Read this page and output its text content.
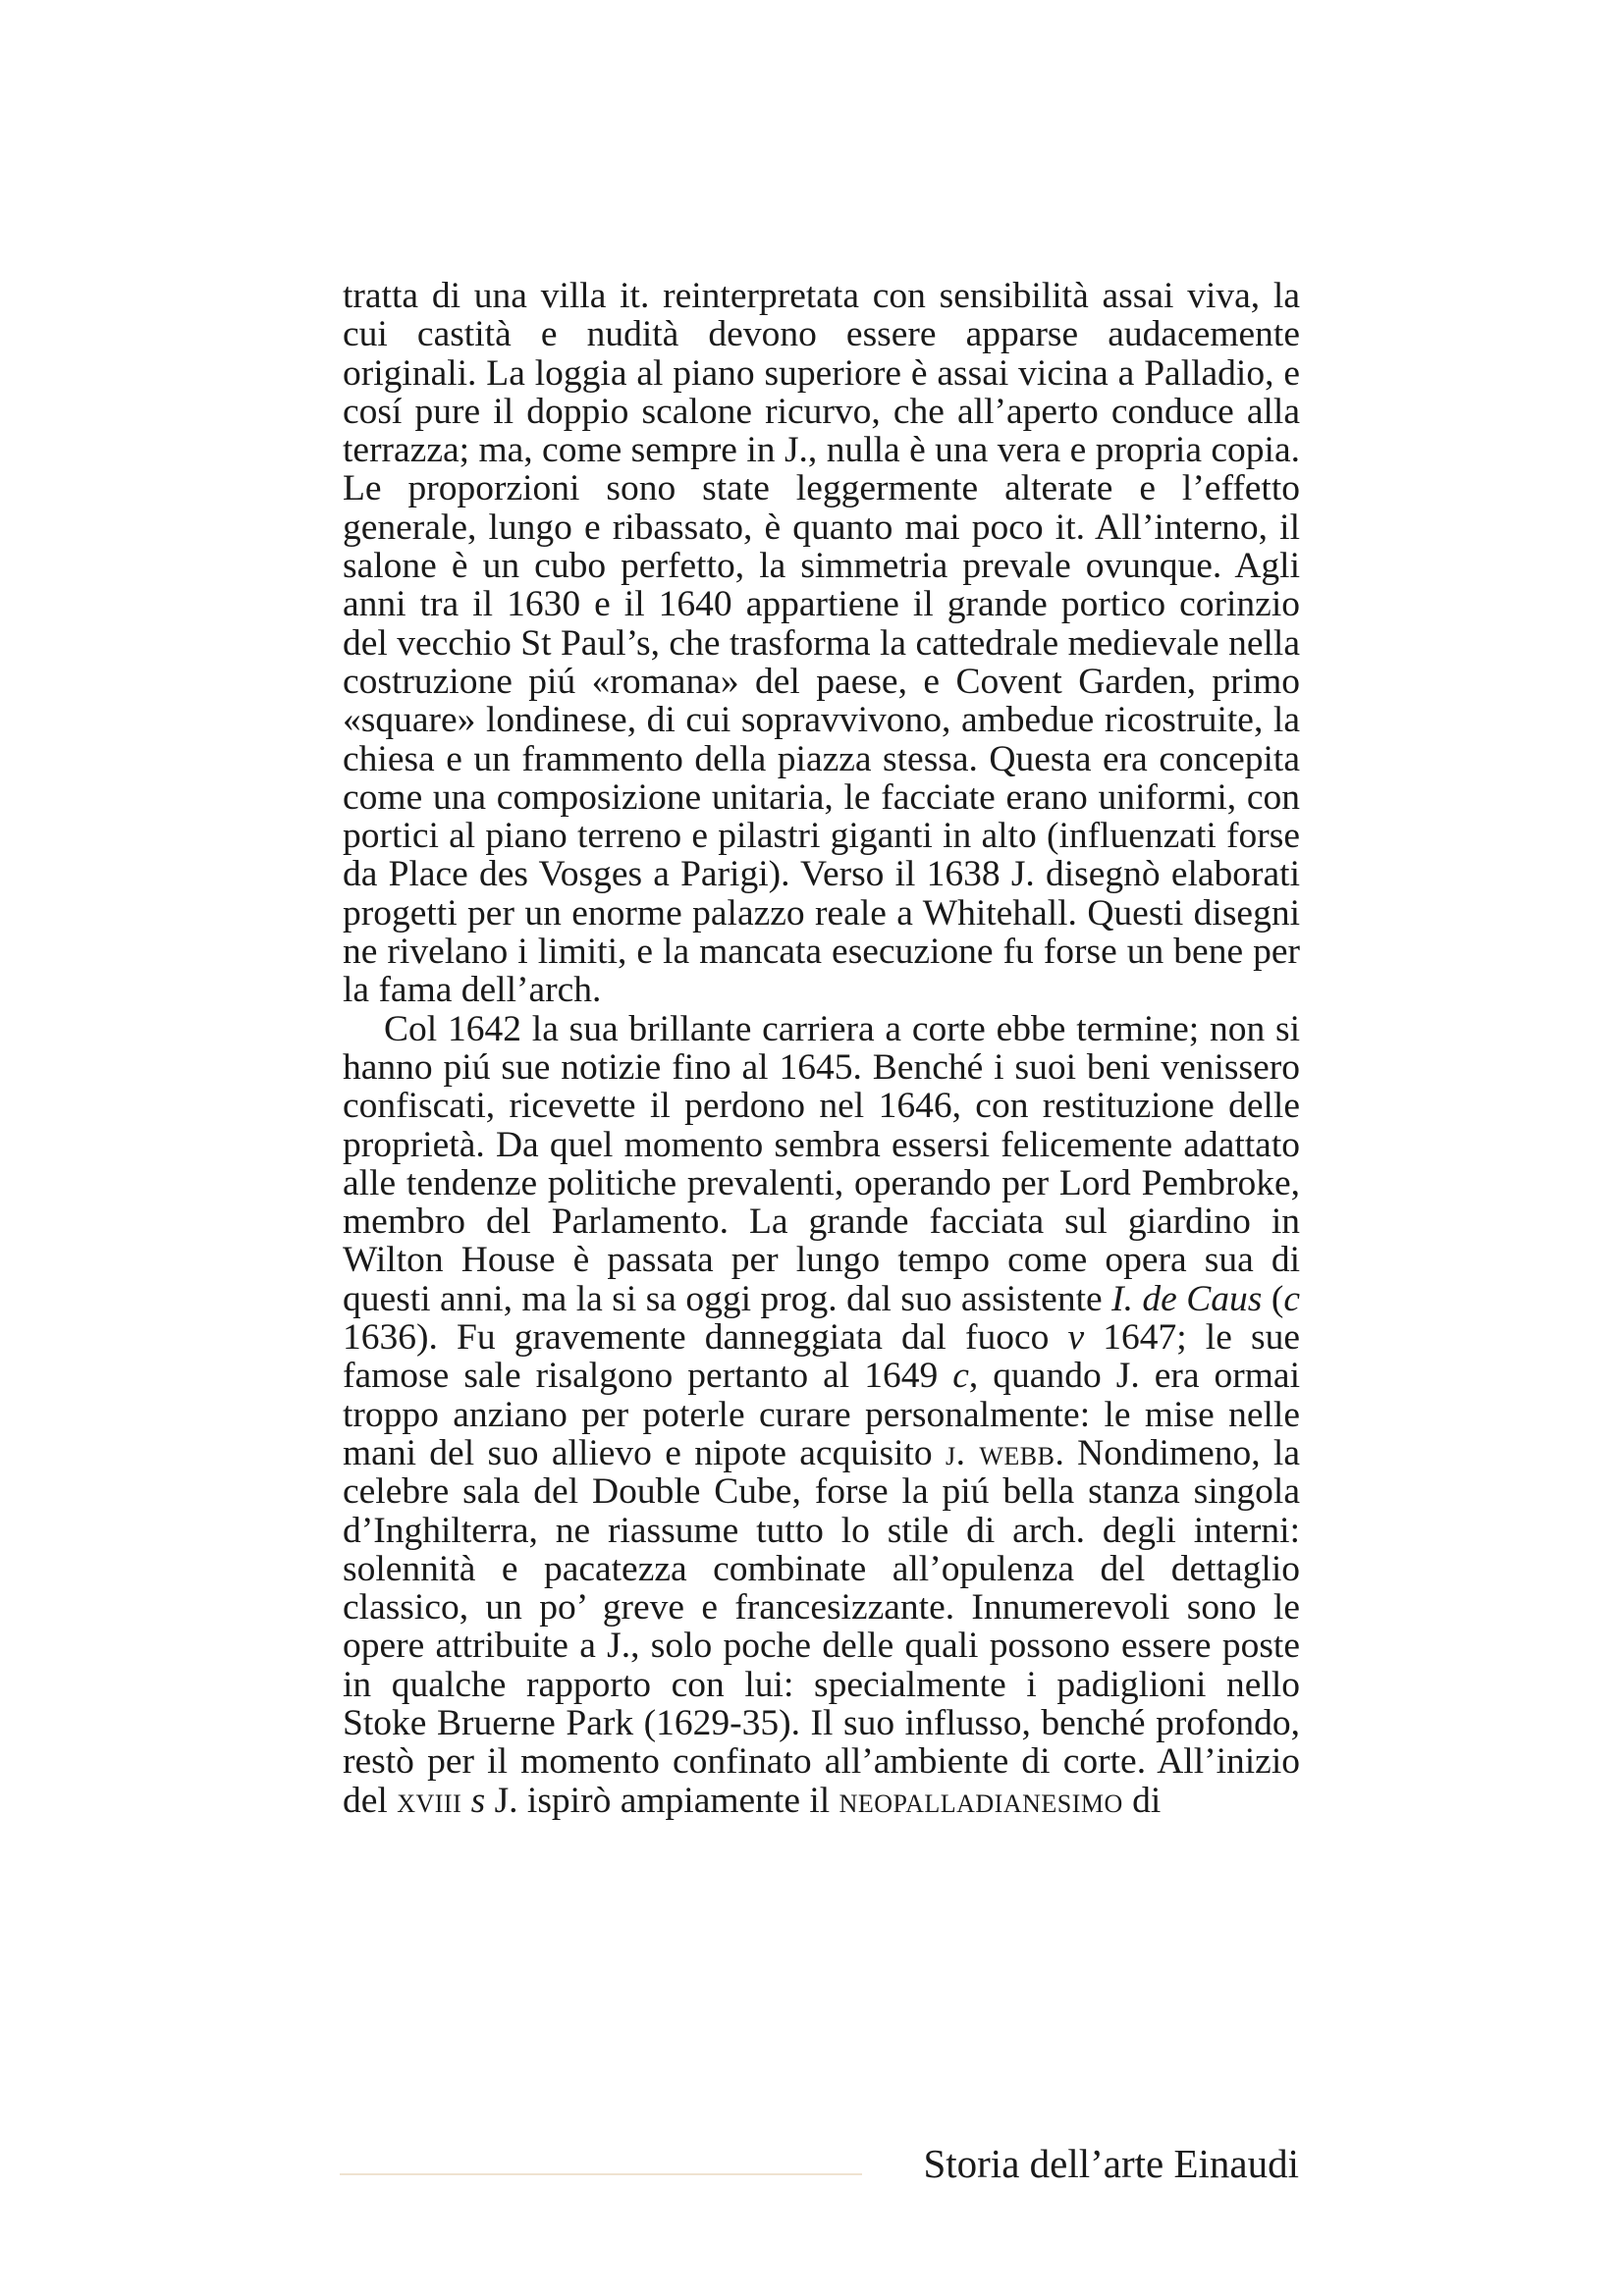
tratta di una villa it. reinterpretata con sensibilità assai viva, la cui castità e nudità devono essere apparse audacemente originali. La loggia al piano superiore è assai vicina a Palladio, e cosí pure il doppio scalone ricurvo, che all’aperto conduce alla terrazza; ma, come sempre in J., nulla è una vera e propria copia. Le proporzioni sono state leggermente alterate e l’effetto generale, lungo e ribassato, è quanto mai poco it. All’interno, il salone è un cubo perfetto, la simmetria prevale ovunque. Agli anni tra il 1630 e il 1640 appartiene il grande portico corinzio del vecchio St Paul’s, che trasforma la cattedrale medievale nella costruzione piú «romana» del paese, e Covent Garden, primo «square» londinese, di cui sopravvivono, ambedue ricostruite, la chiesa e un frammento della piazza stessa. Questa era concepita come una composizione unitaria, le facciate erano uniformi, con portici al piano terreno e pilastri giganti in alto (influenzati forse da Place des Vosges a Parigi). Verso il 1638 J. disegnò elaborati progetti per un enorme palazzo reale a Whitehall. Questi disegni ne rivelano i limiti, e la mancata esecuzione fu forse un bene per la fama dell’arch.

Col 1642 la sua brillante carriera a corte ebbe termine; non si hanno piú sue notizie fino al 1645. Benché i suoi beni venissero confiscati, ricevette il perdono nel 1646, con restituzione delle proprietà. Da quel momento sembra essersi felicemente adattato alle tendenze politiche prevalenti, operando per Lord Pembroke, membro del Parlamento. La grande facciata sul giardino in Wilton House è passata per lungo tempo come opera sua di questi anni, ma la si sa oggi prog. dal suo assistente I. de Caus (c 1636). Fu gravemente danneggiata dal fuoco v 1647; le sue famose sale risalgono pertanto al 1649 c, quando J. era ormai troppo anziano per poterle curare personalmente: le mise nelle mani del suo allievo e nipote acquisito j. webb. Nondimeno, la celebre sala del Double Cube, forse la piú bella stanza singola d’Inghilterra, ne riassume tutto lo stile di arch. degli interni: solennità e pacatezza combinate all’opulenza del dettaglio classico, un po’ greve e francesizzante. Innumerevoli sono le opere attribuite a J., solo poche delle quali possono essere poste in qualche rapporto con lui: specialmente i padiglioni nello Stoke Bruerne Park (1629-35). Il suo influsso, benché profondo, restò per il momento confinato all’ambiente di corte. All’inizio del xviii s J. ispirò ampiamente il neopalladianesimo di

Storia dell’arte Einaudi
